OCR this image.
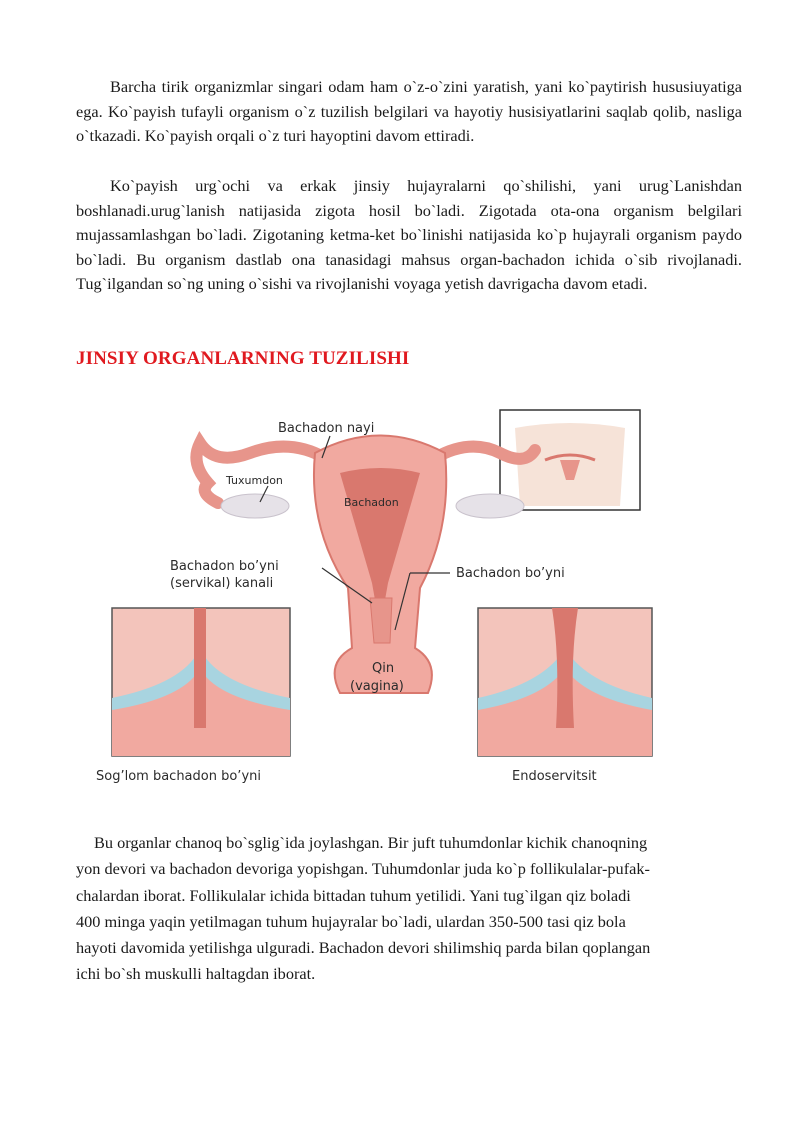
Barcha tirik organizmlar singari odam ham o`z-o`zini yaratish, yani ko`paytirish hususiuyatiga ega. Ko`payish tufayli organism o`z tuzilish belgilari va hayotiy husisiyatlarini saqlab qolib, nasliga o`tkazadi. Ko`payish orqali o`z turi hayoptini davom ettiradi.

Ko`payish urg`ochi va erkak jinsiy hujayralarni qo`shilishi, yani urug`Lanishdan boshlanadi.urug`lanish natijasida zigota hosil bo`ladi. Zigotada ota-ona organism belgilari mujassamlashgan bo`ladi. Zigotaning ketma-ket bo`linishi natijasida ko`p hujayrali organism paydo bo`ladi. Bu organism dastlab ona tanasidagi mahsus organ-bachadon ichida o`sib rivojlanadi. Tug`ilgandan so`ng uning o`sishi va rivojlanishi voyaga yetish davrigacha davom etadi.

JINSIY ORGANLARNING TUZILISHI
Bachadon nayi
Tuxumdon
Bachadon
Bachadon bo’yni
(servikal) kanali
Bachadon bo’yni
Qin
(vagina)
Sog’lom bachadon bo’yni	Endoservitsit

Bu organlar chanoq bo`sglig`ida joylashgan. Bir juft tuhumdonlar kichik chanoqning
yon devori va bachadon devoriga yopishgan. Tuhumdonlar juda ko`p follikulalar-pufak-
chalardan iborat. Follikulalar ichida bittadan tuhum yetilidi. Yani tug`ilgan qiz boladi
400 minga yaqin yetilmagan tuhum hujayralar bo`ladi, ulardan 350-500 tasi qiz bola
hayoti davomida yetilishga ulguradi. Bachadon devori shilimshiq parda bilan qoplangan
ichi bo`sh muskulli haltagdan iborat.
